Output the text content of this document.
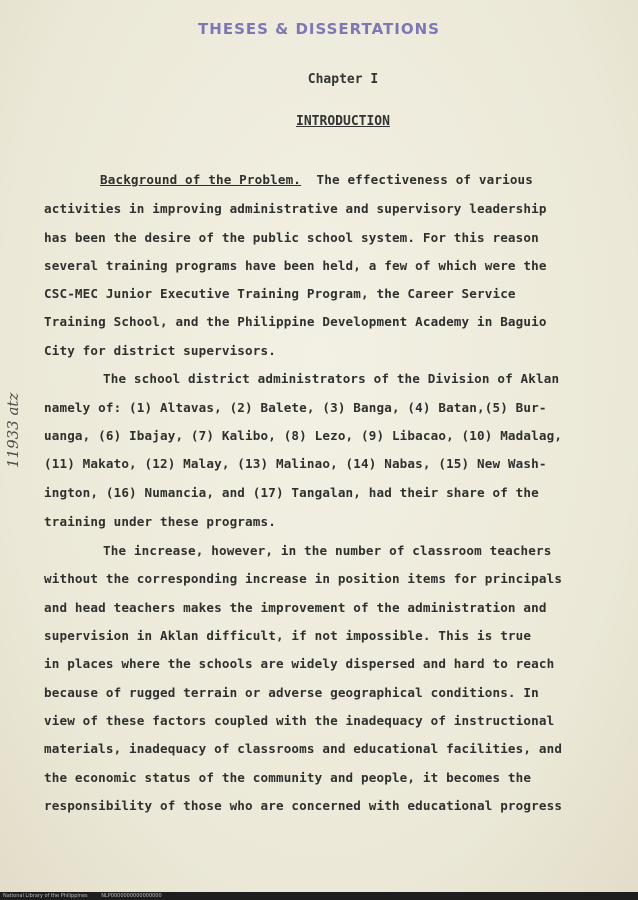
THESES & DISSERTATIONS
Chapter I
INTRODUCTION
11933 atz
Background of the Problem. The effectiveness of various
activities in improving administrative and supervisory leadership
has been the desire of the public school system. For this reason
several training programs have been held, a few of which were the
CSC-MEC Junior Executive Training Program, the Career Service
Training School, and the Philippine Development Academy in Baguio
City for district supervisors.
The school district administrators of the Division of Aklan
namely of: (1) Altavas, (2) Balete, (3) Banga, (4) Batan,(5) Bur-
uanga, (6) Ibajay, (7) Kalibo, (8) Lezo, (9) Libacao, (10) Madalag,
(11) Makato, (12) Malay, (13) Malinao, (14) Nabas, (15) New Wash-
ington, (16) Numancia, and (17) Tangalan, had their share of the
training under these programs.
The increase, however, in the number of classroom teachers
without the corresponding increase in position items for principals
and head teachers makes the improvement of the administration and
supervision in Aklan difficult, if not impossible. This is true
in places where the schools are widely dispersed and hard to reach
because of rugged terrain or adverse geographical conditions. In
view of these factors coupled with the inadequacy of instructional
materials, inadequacy of classrooms and educational facilities, and
the economic status of the community and people, it becomes the
responsibility of those who are concerned with educational progress
National Library of the Philippines	NLP0000000000000000
